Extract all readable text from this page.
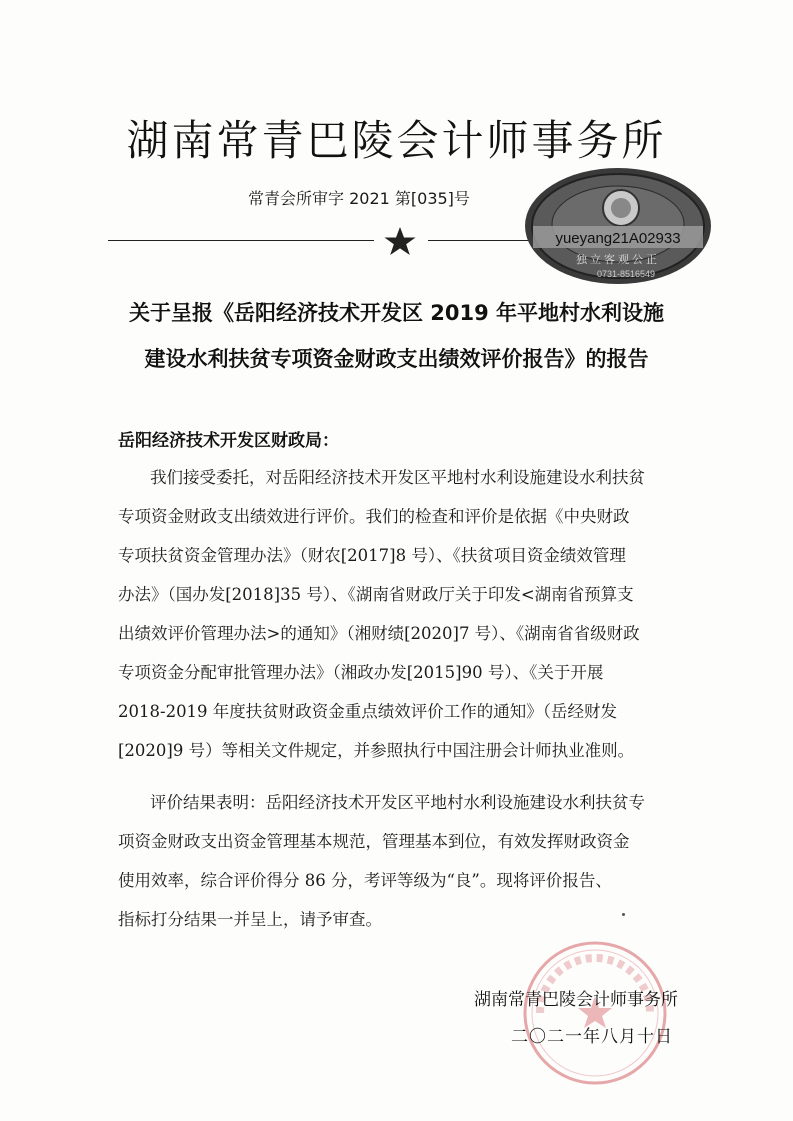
湖南常青巴陵会计师事务所
常青会所审字 2021 第[035]号
yueyang21A02933
独立客观公正
0731-8516549
关于呈报《岳阳经济技术开发区 2019 年平地村水利设施
建设水利扶贫专项资金财政支出绩效评价报告》的报告
岳阳经济技术开发区财政局：
我们接受委托，对岳阳经济技术开发区平地村水利设施建设水利扶贫
专项资金财政支出绩效进行评价。我们的检查和评价是依据《中央财政
专项扶贫资金管理办法》（财农[2017]8 号）、《扶贫项目资金绩效管理
办法》（国办发[2018]35 号）、《湖南省财政厅关于印发<湖南省预算支
出绩效评价管理办法>的通知》（湘财绩[2020]7 号）、《湖南省省级财政
专项资金分配审批管理办法》（湘政办发[2015]90 号）、《关于开展
2018-2019 年度扶贫财政资金重点绩效评价工作的通知》（岳经财发
[2020]9 号）等相关文件规定，并参照执行中国注册会计师执业准则。
评价结果表明：岳阳经济技术开发区平地村水利设施建设水利扶贫专
项资金财政支出资金管理基本规范，管理基本到位，有效发挥财政资金
使用效率，综合评价得分 86 分，考评等级为“良”。现将评价报告、
指标打分结果一并呈上，请予审查。
湖南常青巴陵会计师事务所
二〇二一年八月十日
